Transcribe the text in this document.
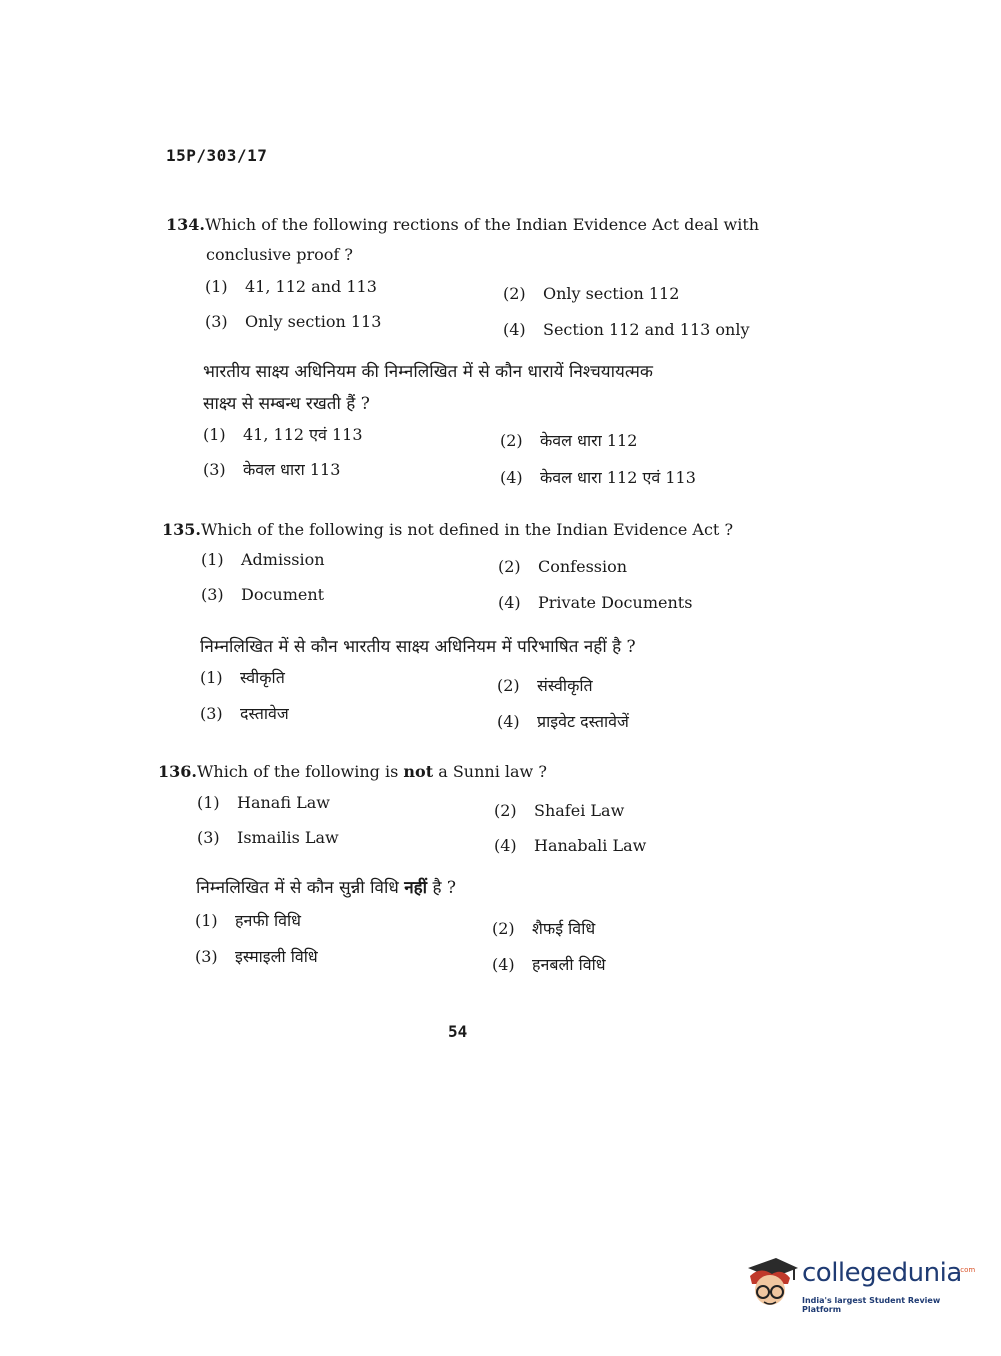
15P/303/17
134.Which of the following rections of the Indian Evidence Act deal with
conclusive proof ?
(1) 41, 112 and 113	(2) Only section 112
(3) Only section 113	(4) Section 112 and 113 only
भारतीय साक्ष्य अधिनियम की निम्नलिखित में से कौन धारायें निश्चयायत्मक
साक्ष्य से सम्बन्ध रखती हैं ?
(1) 41, 112 एवं 113	(2) केवल धारा 112
(3) केवल धारा 113	(4) केवल धारा 112 एवं 113
135.Which of the following is not defined in the Indian Evidence Act ?
(1) Admission	(2) Confession
(3) Document	(4) Private Documents
निम्नलिखित में से कौन भारतीय साक्ष्य अधिनियम में परिभाषित नहीं है ?
(1) स्वीकृति	(2) संस्वीकृति
(3) दस्तावेज	(4) प्राइवेट दस्तावेजें
136.Which of the following is not a Sunni law ?
(1) Hanafi Law	(2) Shafei Law
(3) Ismailis Law	(4) Hanabali Law
निम्नलिखित में से कौन सुन्नी विधि नहीं है ?
(1) हनफी विधि	(2) शैफई विधि
(3) इस्माइली विधि	(4) हनबली विधि
54
collegedunia
.com
India's largest Student Review Platform
